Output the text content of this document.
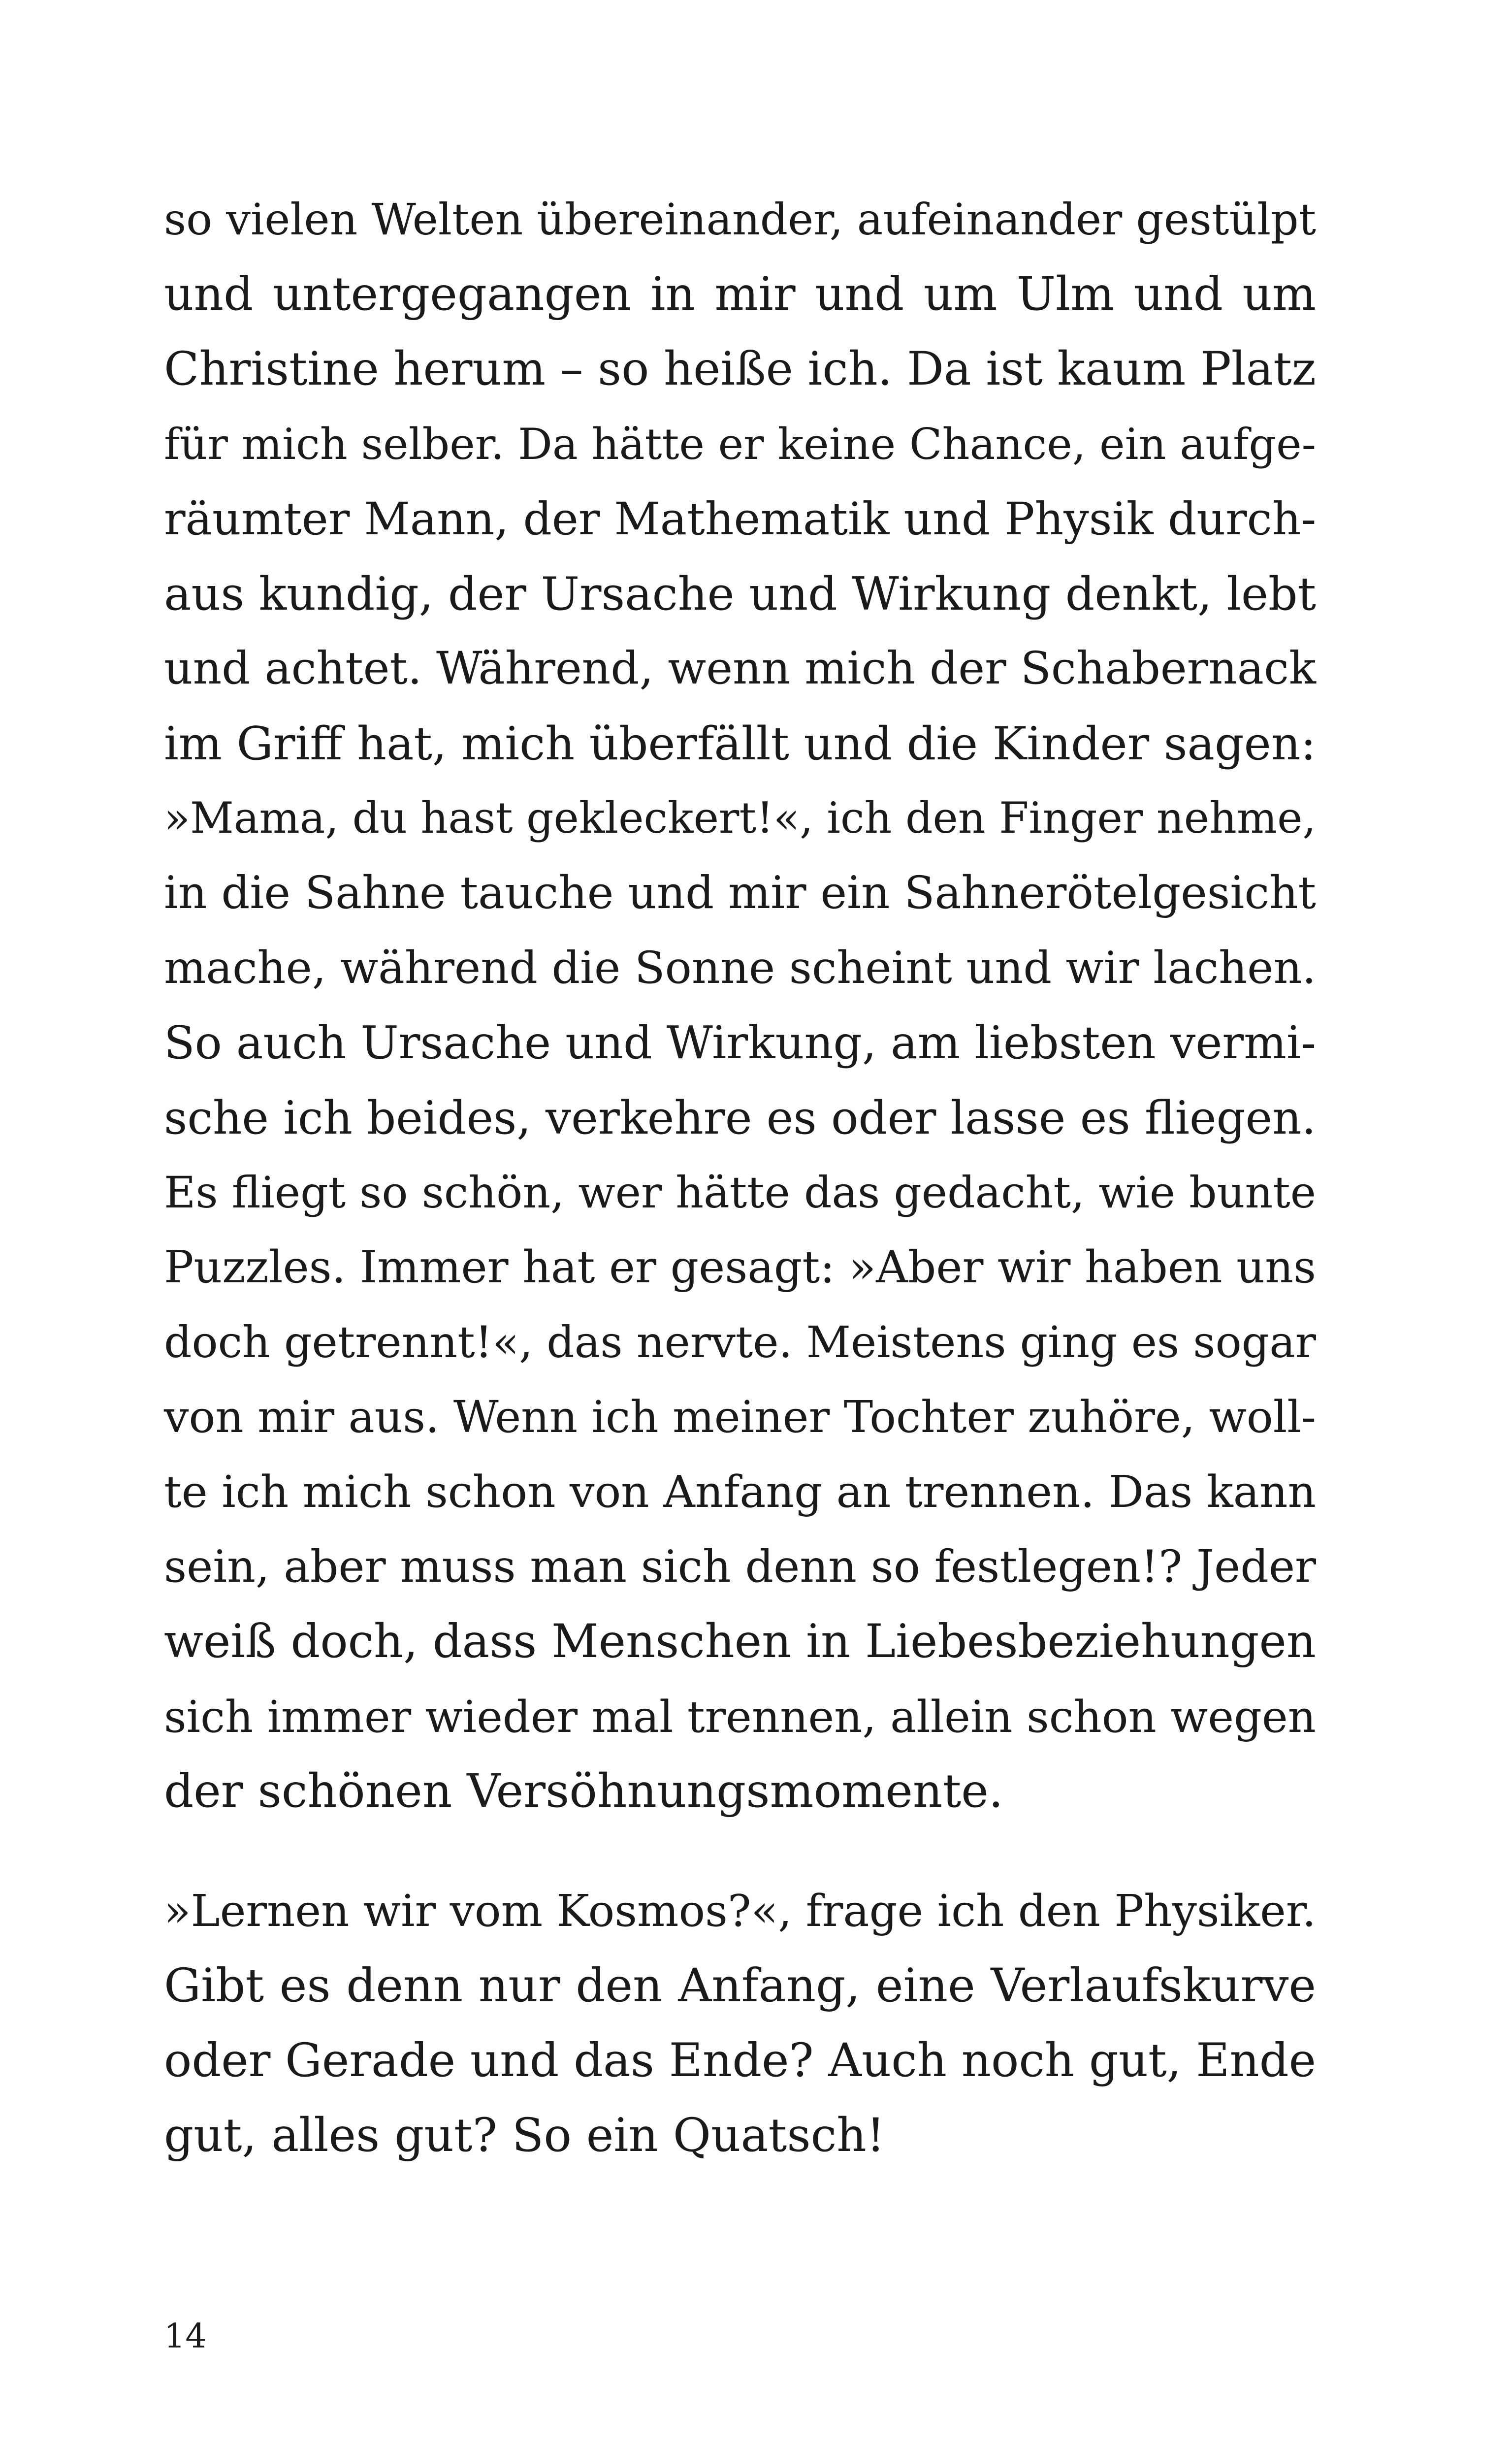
so vielen Welten übereinander, aufeinander gestülpt
und untergegangen in mir und um Ulm und um
Christine herum – so heiße ich. Da ist kaum Platz
für mich selber. Da hätte er keine Chance, ein aufge-
räumter Mann, der Mathematik und Physik durch-
aus kundig, der Ursache und Wirkung denkt, lebt
und achtet. Während, wenn mich der Schabernack
im Griff hat, mich überfällt und die Kinder sagen:
»Mama, du hast gekleckert!«, ich den Finger nehme,
in die Sahne tauche und mir ein Sahnerötelgesicht
mache, während die Sonne scheint und wir lachen.
So auch Ursache und Wirkung, am liebsten vermi-
sche ich beides, verkehre es oder lasse es fliegen.
Es fliegt so schön, wer hätte das gedacht, wie bunte
Puzzles. Immer hat er gesagt: »Aber wir haben uns
doch getrennt!«, das nervte. Meistens ging es sogar
von mir aus. Wenn ich meiner Tochter zuhöre, woll-
te ich mich schon von Anfang an trennen. Das kann
sein, aber muss man sich denn so festlegen!? Jeder
weiß doch, dass Menschen in Liebesbeziehungen
sich immer wieder mal trennen, allein schon wegen
der schönen Versöhnungsmomente.
»Lernen wir vom Kosmos?«, frage ich den Physiker.
Gibt es denn nur den Anfang, eine Verlaufskurve
oder Gerade und das Ende? Auch noch gut, Ende
gut, alles gut? So ein Quatsch!
14
